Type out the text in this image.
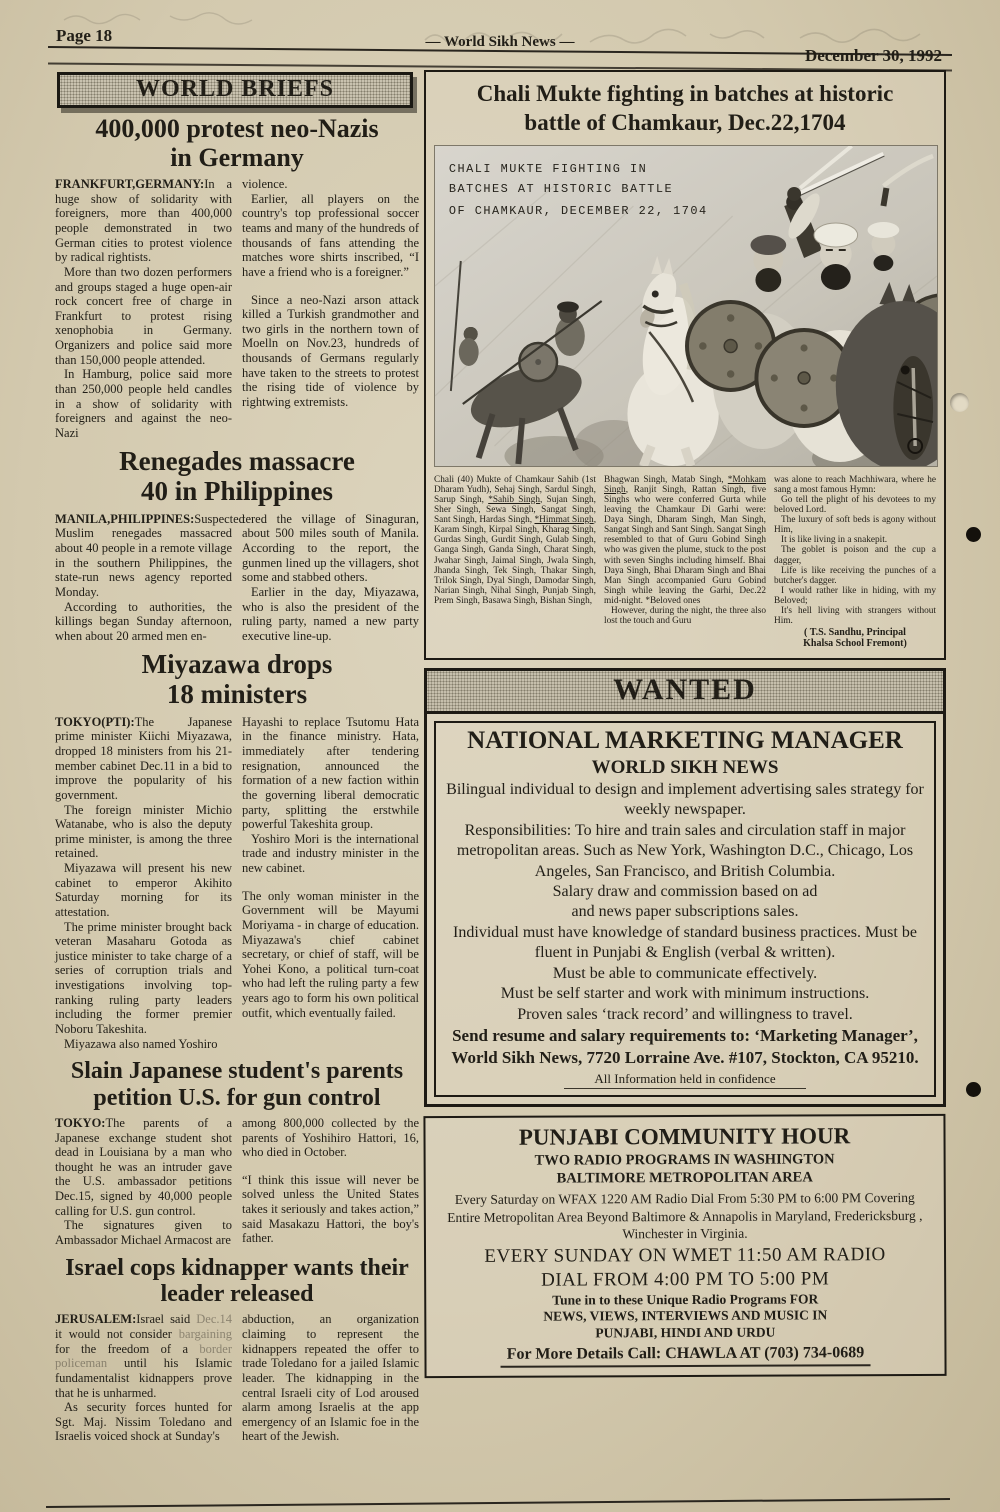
Page 18	— World Sikh News —
December 30, 1992
WORLD BRIEFS
400,000 protest neo-Nazis
in Germany

FRANKFURT,GERMANY:In a huge show of solidarity with foreigners, more than 400,000 people demonstrated in two German cities to protest violence by radical rightists.

More than two dozen performers and groups staged a huge open-air rock concert free of charge in Frankfurt to protest rising xenophobia in Germany. Organizers and police said more than 150,000 people attended.

In Hamburg, police said more than 250,000 people held candles in a show of solidarity with foreigners and against the neo-Nazi

violence.

Earlier, all players on the country's top professional soccer teams and many of the hundreds of thousands of fans attending the matches wore shirts inscribed, “I have a friend who is a foreigner.”

Since a neo-Nazi arson attack killed a Turkish grandmother and two girls in the northern town of Moelln on Nov.23, hundreds of thousands of Germans regularly have taken to the streets to protest the rising tide of violence by rightwing extremists.

Renegades massacre
40 in Philippines

MANILA,PHILIPPINES:Suspected Muslim renegades massacred about 40 people in a remote village in the southern Philippines, the state-run news agency reported Monday.

According to authorities, the killings began Sunday afternoon, when about 20 armed men en-

tered the village of Sinaguran, about 500 miles south of Manila. According to the report, the gunmen lined up the villagers, shot some and stabbed others.

Earlier in the day, Miyazawa, who is also the president of the ruling party, named a new party executive line-up.

Miyazawa drops
18 ministers

TOKYO(PTI):The Japanese prime minister Kiichi Miyazawa, dropped 18 ministers from his 21-member cabinet Dec.11 in a bid to improve the popularity of his government.

The foreign minister Michio Watanabe, who is also the deputy prime minister, is among the three retained.

Miyazawa will present his new cabinet to emperor Akihito Saturday morning for its attestation.

The prime minister brought back veteran Masaharu Gotoda as justice minister to take charge of a series of corruption trials and investigations involving top-ranking ruling party leaders including the former premier Noboru Takeshita.

Miyazawa also named Yoshiro

Hayashi to replace Tsutomu Hata in the finance ministry. Hata, immediately after tendering resignation, announced the formation of a new faction within the governing liberal democratic party, splitting the erstwhile powerful Takeshita group.

Yoshiro Mori is the international trade and industry minister in the new cabinet.

The only woman minister in the Government will be Mayumi Moriyama - in charge of education. Miyazawa's chief cabinet secretary, or chief of staff, will be Yohei Kono, a political turn-coat who had left the ruling party a few years ago to form his own political outfit, which eventually failed.

Slain Japanese student's parents
petition U.S. for gun control

TOKYO:The parents of a Japanese exchange student shot dead in Louisiana by a man who thought he was an intruder gave the U.S. ambassador petitions Dec.15, signed by 40,000 people calling for U.S. gun control.

The signatures given to Ambassador Michael Armacost are

among 800,000 collected by the parents of Yoshihiro Hattori, 16, who died in October.

“I think this issue will never be solved unless the United States takes it seriously and takes action,” said Masakazu Hattori, the boy's father.

Israel cops kidnapper wants their
leader released

JERUSALEM:Israel said Dec.14 it would not consider bargaining for the freedom of a border policeman until his Islamic fundamentalist kidnappers prove that he is unharmed.

As security forces hunted for Sgt. Maj. Nissim Toledano and Israelis voiced shock at Sunday's

abduction, an organization claiming to represent the kidnappers repeated the offer to trade Toledano for a jailed Islamic leader. The kidnapping in the central Israeli city of Lod aroused alarm among Israelis at the app emergency of an Islamic foe in the heart of the Jewish.

Chali Mukte fighting in batches at historic
battle of Chamkaur, Dec.22,1704
CHALI MUKTE FIGHTING IN
BATCHES AT HISTORIC BATTLE
OF CHAMKAUR, DECEMBER 22, 1704

Chali (40) Mukte of Chamkaur Sahib (1st Dharam Yudh), Sehaj Singh, Sardul Singh, Sarup Singh, *Sahib Singh, Sujan Singh, Sher Singh, Sewa Singh, Sangat Singh, Sant Singh, Hardas Singh, *Himmat Singh, Karam Singh, Kirpal Singh, Kharag Singh, Gurdas Singh, Gurdit Singh, Gulab Singh, Ganga Singh, Ganda Singh, Charat Singh, Jwahar Singh, Jaimal Singh, Jwala Singh, Jhanda Singh, Tek Singh, Thakar Singh, Trilok Singh, Dyal Singh, Damodar Singh, Narian Singh, Nihal Singh, Punjab Singh, Prem Singh, Basawa Singh, Bishan Singh,

Bhagwan Singh, Matab Singh, *Mohkam Singh, Ranjit Singh, Rattan Singh, five Singhs who were conferred Gurta while leaving the Chamkaur Di Garhi were: Daya Singh, Dharam Singh, Man Singh, Sangat Singh and Sant Singh. Sangat Singh resembled to that of Guru Gobind Singh who was given the plume, stuck to the post with seven Singhs including himself. Bhai Daya Singh, Bhai Dharam Singh and Bhai Man Singh accompanied Guru Gobind Singh while leaving the Garhi, Dec.22 mid-night. *Beloved ones

However, during the night, the three also lost the touch and Guru

was alone to reach Machhiwara, where he sang a most famous Hymn:

Go tell the plight of his devotees to my beloved Lord.

The luxury of soft beds is agony without Him,

It is like living in a snakepit.

The goblet is poison and the cup a dagger,

Life is like receiving the punches of a butcher's dagger.

I would rather like in hiding, with my Beloved;

It's hell living with strangers without Him.

( T.S. Sandhu, Principal
Khalsa School Fremont)

WANTED
NATIONAL MARKETING MANAGER
WORLD SIKH NEWS
Bilingual individual to design and implement advertising sales strategy for weekly newspaper.
Responsibilities: To hire and train sales and circulation staff in major metropolitan areas. Such as New York, Washington D.C., Chicago, Los Angeles, San Francisco, and British Columbia.
Salary draw and commission based on ad
and news paper subscriptions sales.
Individual must have knowledge of standard business practices. Must be fluent in Punjabi & English (verbal & written).
Must be able to communicate effectively.
Must be self starter and work with minimum instructions.
Proven sales ‘track record’ and willingness to travel.
Send resume and salary requirements to: ‘Marketing Manager’,
World Sikh News, 7720 Lorraine Ave. #107, Stockton, CA 95210.
All Information held in confidence
PUNJABI COMMUNITY HOUR
TWO RADIO PROGRAMS IN WASHINGTON
BALTIMORE METROPOLITAN AREA
Every Saturday on WFAX 1220 AM Radio Dial From 5:30 PM to 6:00 PM Covering Entire Metropolitan Area Beyond Baltimore & Annapolis in Maryland, Fredericksburg , Winchester in Virginia.
EVERY SUNDAY ON WMET 11:50 AM RADIO
DIAL FROM 4:00 PM TO 5:00 PM
Tune in to these Unique Radio Programs FOR
NEWS, VIEWS, INTERVIEWS AND MUSIC IN
PUNJABI, HINDI AND URDU
For More Details Call: CHAWLA AT (703) 734-0689
